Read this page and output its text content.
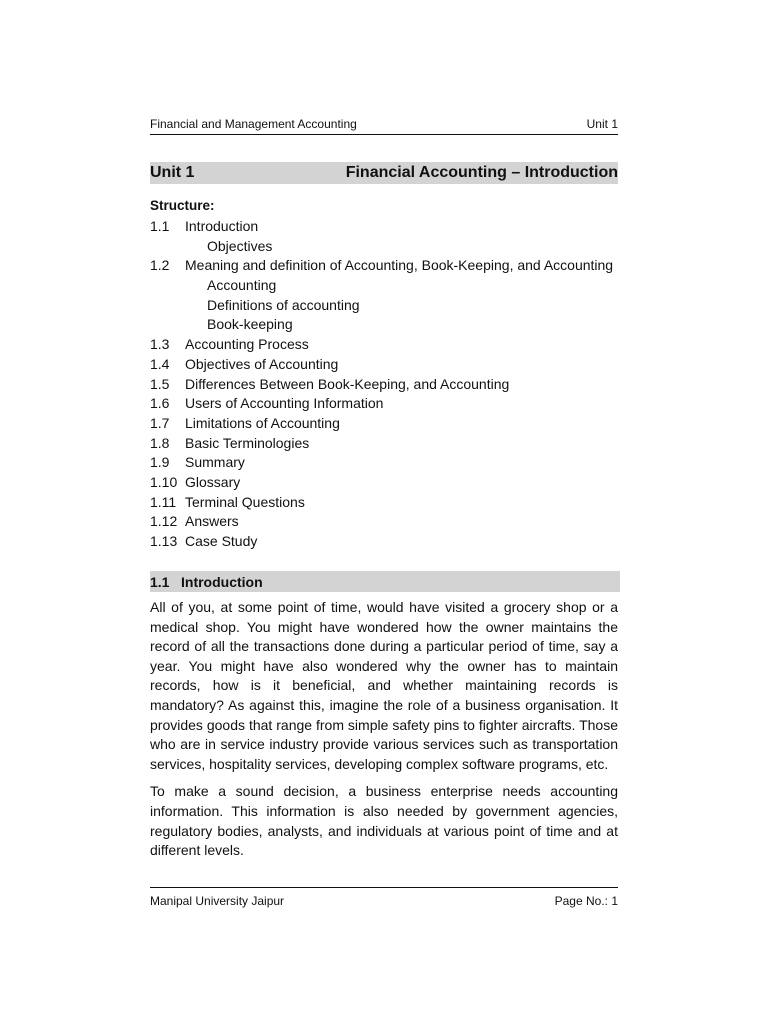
Financial and Management Accounting	Unit 1
Unit 1	Financial Accounting – Introduction
Structure:
1.1	Introduction
Objectives
1.2	Meaning and definition of Accounting, Book-Keeping, and Accounting
Accounting
Definitions of accounting
Book-keeping
1.3	Accounting Process
1.4	Objectives of Accounting
1.5	Differences Between Book-Keeping, and Accounting
1.6	Users of Accounting Information
1.7	Limitations of Accounting
1.8	Basic Terminologies
1.9	Summary
1.10 Glossary
1.11 Terminal Questions
1.12 Answers
1.13 Case Study
1.1 Introduction

All of you, at some point of time, would have visited a grocery shop or a medical shop. You might have wondered how the owner maintains the record of all the transactions done during a particular period of time, say a year. You might have also wondered why the owner has to maintain records, how is it beneficial, and whether maintaining records is mandatory? As against this, imagine the role of a business organisation. It provides goods that range from simple safety pins to fighter aircrafts. Those who are in service industry provide various services such as transportation services, hospitality services, developing complex software programs, etc.

To make a sound decision, a business enterprise needs accounting information. This information is also needed by government agencies, regulatory bodies, analysts, and individuals at various point of time and at different levels.

Manipal University Jaipur	Page No.: 1
